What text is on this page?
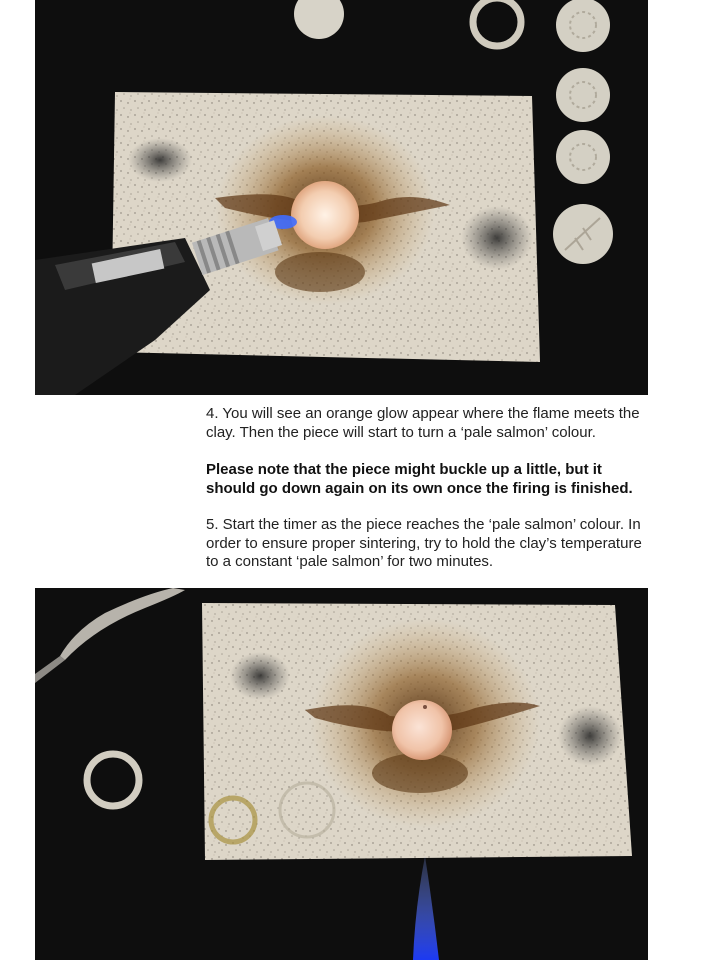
4. You will see an orange glow appear where the flame meets the clay. Then the piece will start to turn a ‘pale salmon’ colour.

Please note that the piece might buckle up a little, but it should go down again on its own once the firing is finished.

5. Start the timer as the piece reaches the ‘pale salmon’ colour. In order to ensure proper sintering, try to hold the clay’s temperature to a constant ‘pale salmon’ for two minutes.
